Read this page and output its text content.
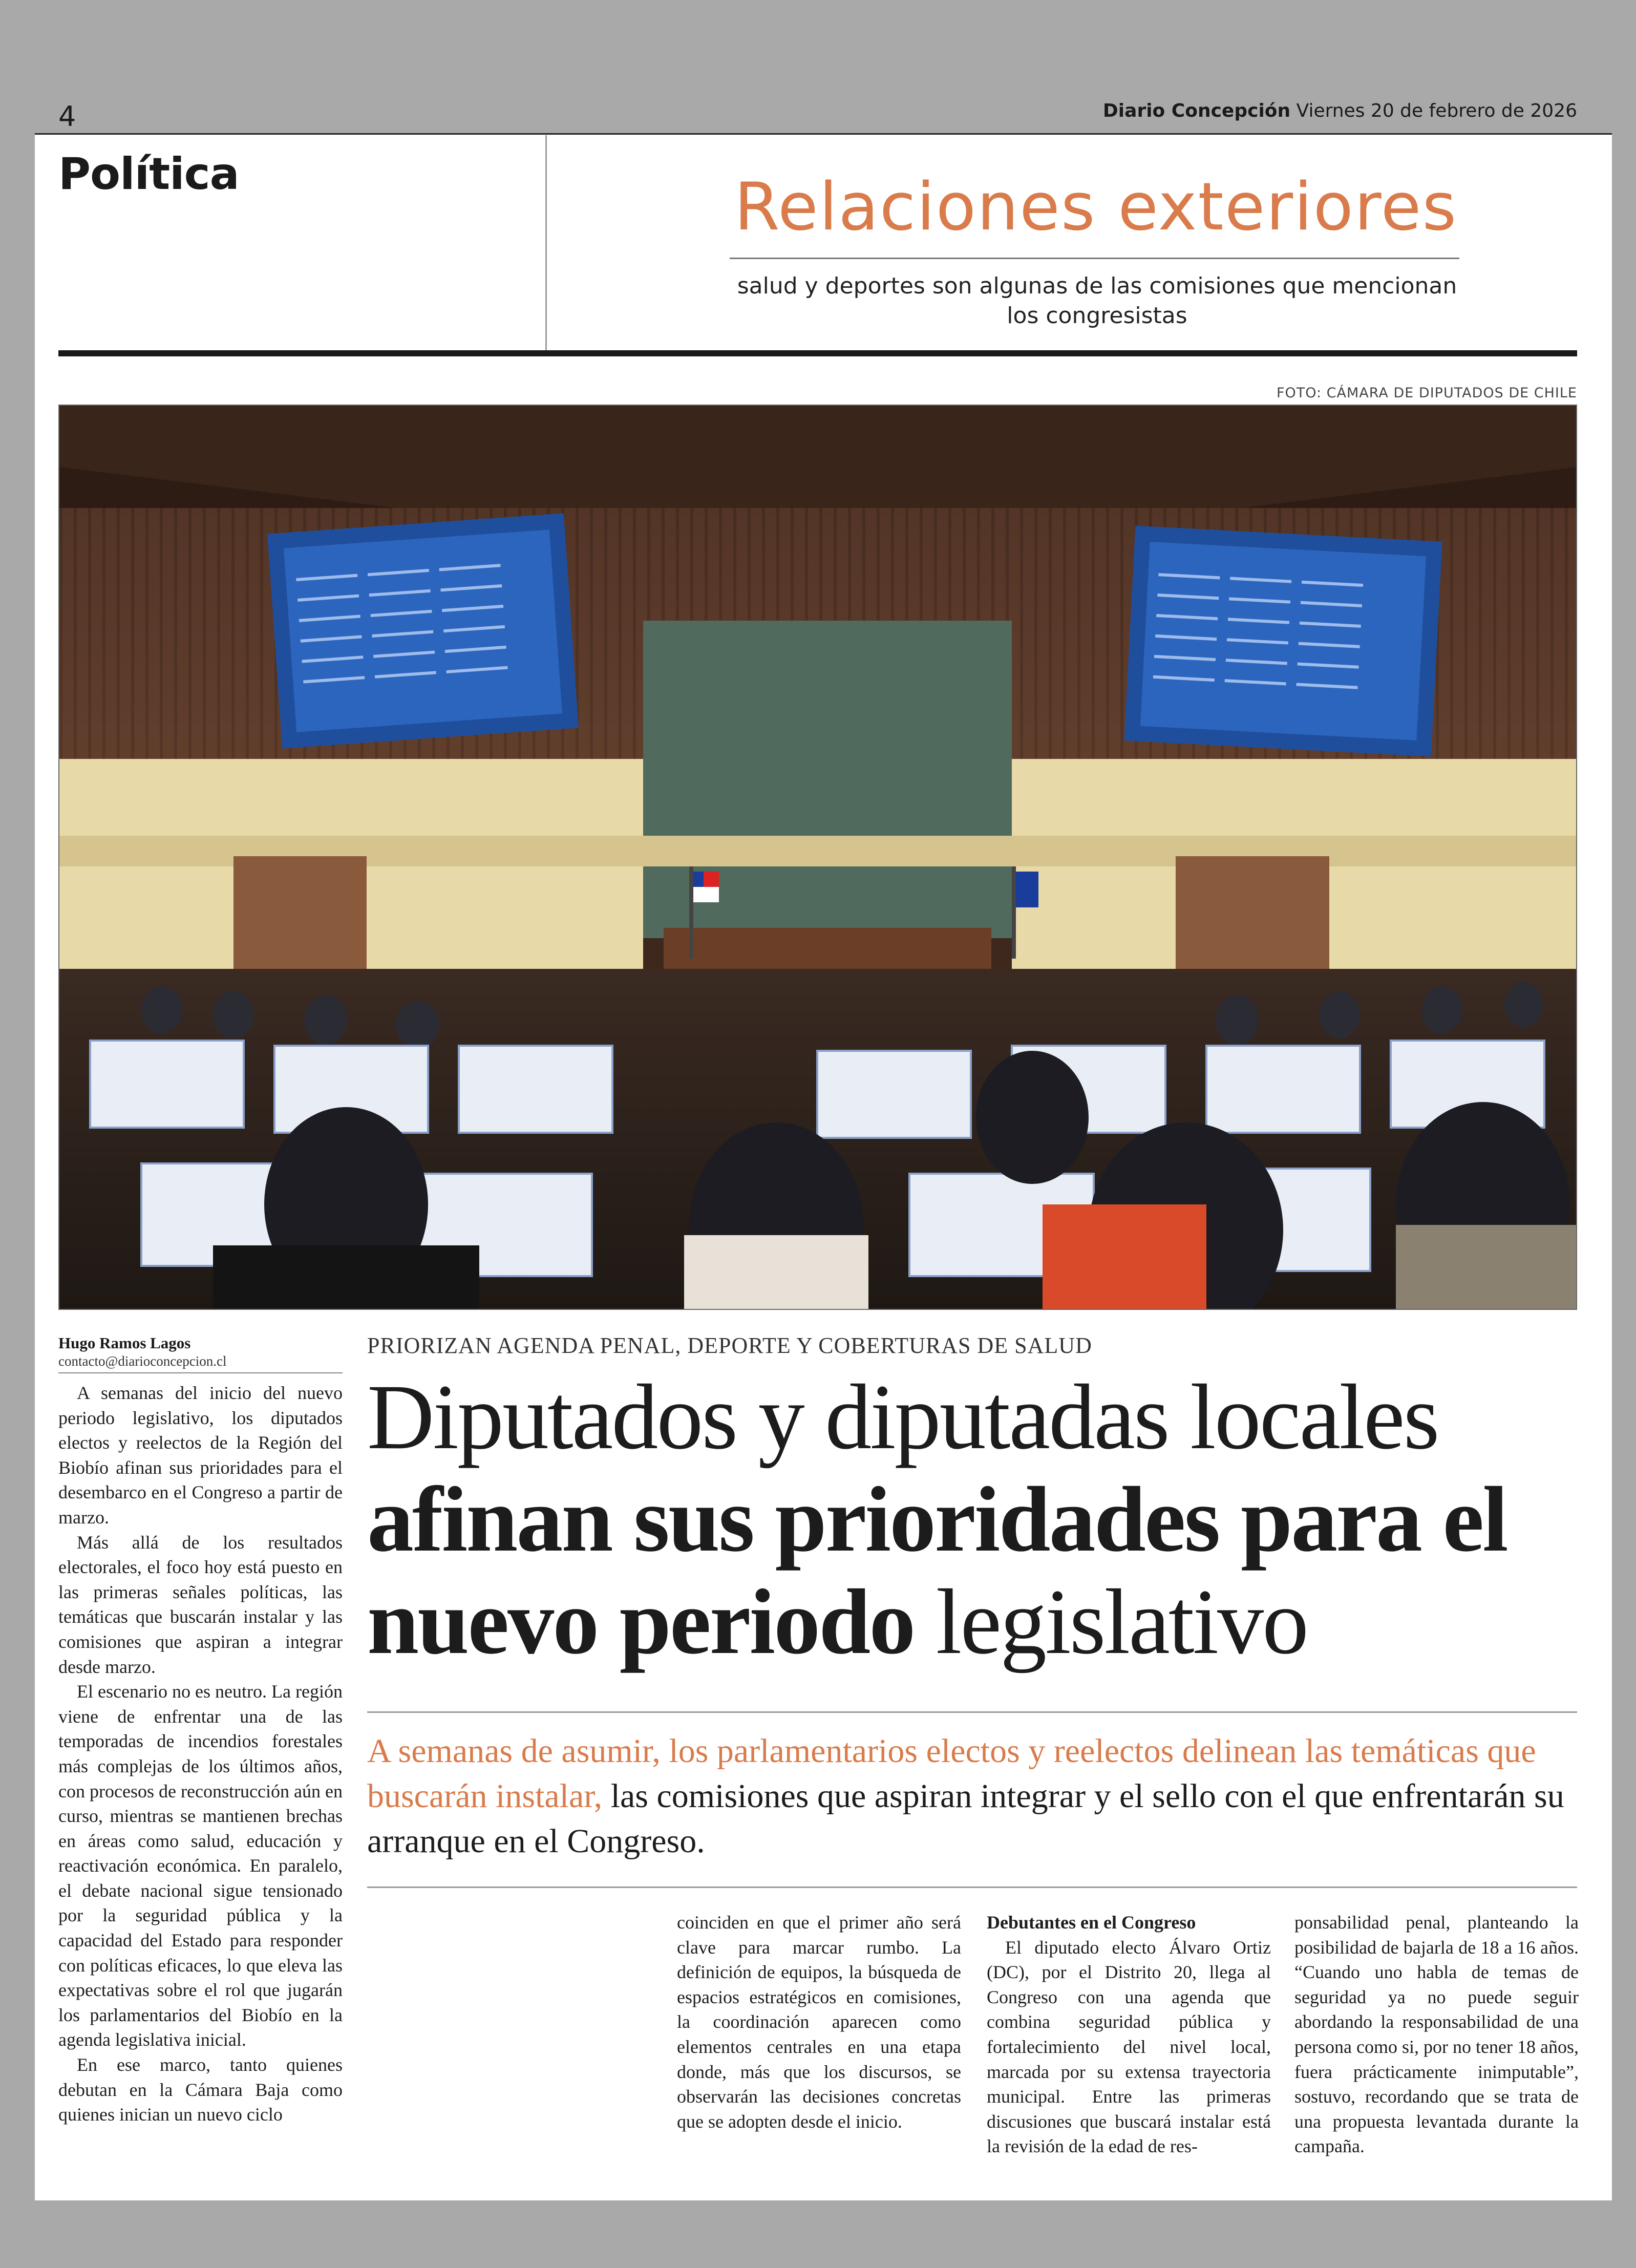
4	Diario Concepción Viernes 20 de febrero de 2026
Política	Relaciones exteriores
salud y deportes son algunas de las comisiones que mencionan los congresistas
FOTO: CÁMARA DE DIPUTADOS DE CHILE
Hugo Ramos Lagos
contacto@diarioconcepcion.cl

A semanas del inicio del nuevo periodo legislativo, los diputados electos y reelectos de la Región del Biobío afinan sus prioridades para el desembarco en el Congreso a partir de marzo.

Más allá de los resultados electorales, el foco hoy está puesto en las primeras señales políticas, las temáticas que buscarán instalar y las comisiones que aspiran a integrar desde marzo.

El escenario no es neutro. La región viene de enfrentar una de las temporadas de incendios forestales más complejas de los últimos años, con procesos de reconstrucción aún en curso, mientras se mantienen brechas en áreas como salud, educación y reactivación económica. En paralelo, el debate nacional sigue tensionado por la seguridad pública y la capacidad del Estado para responder con políticas eficaces, lo que eleva las expectativas sobre el rol que jugarán los parlamentarios del Biobío en la agenda legislativa inicial.

En ese marco, tanto quienes debutan en la Cámara Baja como quienes inician un nuevo ciclo

PRIORIZAN AGENDA PENAL, DEPORTE Y COBERTURAS DE SALUD
Diputados y diputadas locales
afinan sus prioridades para el nuevo periodo legislativo
A semanas de asumir, los parlamentarios electos y reelectos delinean las temáticas que buscarán instalar, las comisiones que aspiran integrar y el sello con el que enfrentarán su arranque en el Congreso.

coinciden en que el primer año será clave para marcar rumbo. La definición de equipos, la búsqueda de espacios estratégicos en comisiones, la coordinación aparecen como elementos centrales en una etapa donde, más que los discursos, se observarán las decisiones concretas que se adopten desde el inicio.

Debutantes en el Congreso

El diputado electo Álvaro Ortiz (DC), por el Distrito 20, llega al Congreso con una agenda que combina seguridad pública y fortalecimiento del nivel local, marcada por su extensa trayectoria municipal. Entre las primeras discusiones que buscará instalar está la revisión de la edad de res-

ponsabilidad penal, planteando la posibilidad de bajarla de 18 a 16 años. “Cuando uno habla de temas de seguridad ya no puede seguir abordando la responsabilidad de una persona como si, por no tener 18 años, fuera prácticamente inimputable”, sostuvo, recordando que se trata de una propuesta levantada durante la campaña.
